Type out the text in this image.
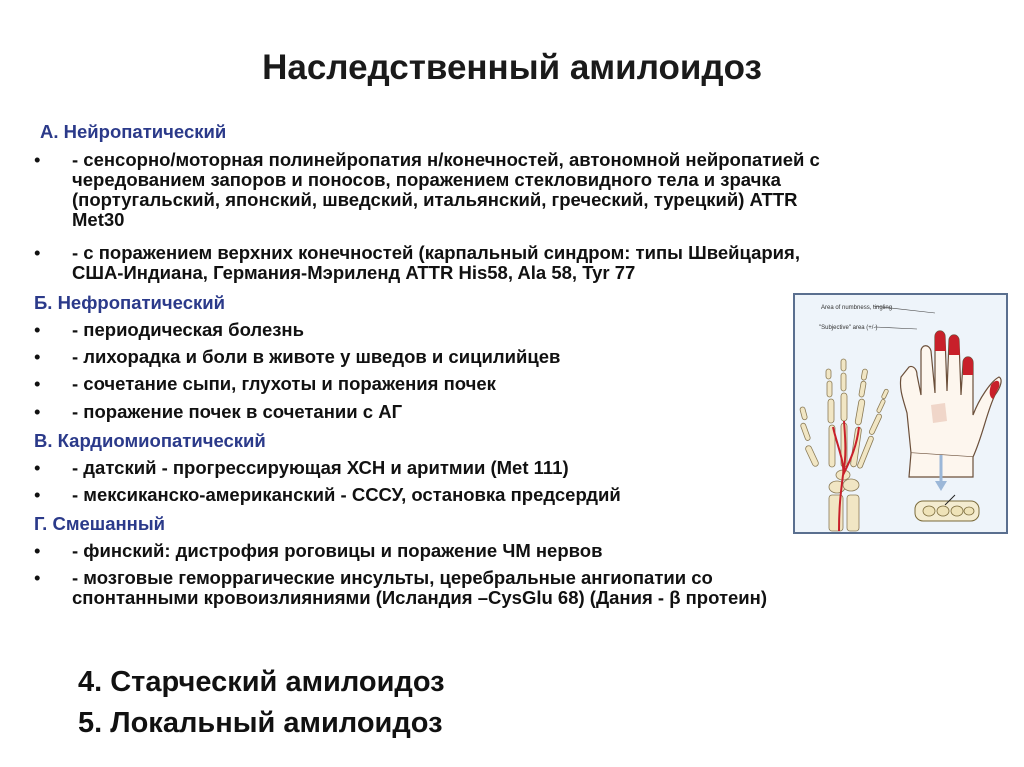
Наследственный амилоидоз
А. Нейропатический
•	- сенсорно/моторная полинейропатия н/конечностей, автономной нейропатией с
чередованием запоров и поносов, поражением стекловидного тела и зрачка
(португальский, японский, шведский, итальянский, греческий, турецкий) ATTR
Met30
•	- с поражением верхних конечностей (карпальный синдром: типы Швейцария,
США-Индиана, Германия-Мэриленд ATTR His58, Ala 58, Tyr 77
Б. Нефропатический
•	- периодическая болезнь
•	- лихорадка и боли в животе у шведов и сицилийцев
•	- сочетание сыпи, глухоты и поражения почек
•	- поражение почек в сочетании с АГ
В. Кардиомиопатический
•	- датский - прогрессирующая ХСН и аритмии (Met 111)
•	- мексиканско-американский - СССУ, остановка предсердий
Г. Смешанный
•	- финский: дистрофия роговицы и поражение ЧМ нервов
•	- мозговые геморрагические инсульты, церебральные ангиопатии со
спонтанными кровоизлияниями (Исландия –CysGlu 68) (Дания - β протеин)
4. Старческий амилоидоз
5. Локальный амилоидоз
Area of numbness, tingling
"Subjective" area (+/-)
